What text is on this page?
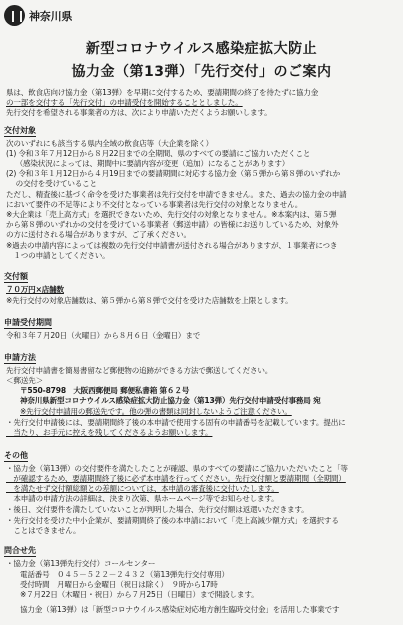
神奈川県
新型コロナウイルス感染症拡大防止
協力金（第13弾）「先行交付」のご案内
県は、飲食店向け協力金（第13弾）を早期に交付するため、要請期間の終了を待たずに協力金
の一部を交付する「先行交付」の申請受付を開始することとしました。
先行交付を希望される事業者の方は、次により申請いただくようお願いします。
交付対象
次のいずれにも該当する県内全域の飲食店等（大企業を除く）
(1) 令和３年７月12日から８月22日までの全期間、県のすべての要請にご協力いただくこと
　 （感染状況によっては、期間中に要請内容が変更（追加）になることがあります）
(2) 令和３年１月12日から４月19日までの要請期間に対応する協力金（第５弾から第８弾のいずれか
　 の交付を受けていること
ただし、精査後に基づく命令を受けた事業者は先行交付を申請できません。また、過去の協力金の申請
において要件の不足等により不交付となっている事業者は先行交付の対象となりません。
※大企業は「売上高方式」を選択できないため、先行交付の対象となりません。※本案内は、第５弾
から第８弾のいずれかの交付を受けている事業者（郵送申請）の皆様にお送りしているため、対象外
の方に送付される場合がありますが、ご了承ください。
※過去の申請内容によっては複数の先行交付申請書が送付される場合がありますが、１事業者につき
　１つの申請としてください。
交付額
７０万円×店舗数
※先行交付の対象店舗数は、第５弾から第８弾で交付を受けた店舗数を上限とします。
申請受付期間
令和３年７月20日（火曜日）から８月６日（金曜日）まで
申請方法
先行交付申請書を簡易書留など郵便物の追跡ができる方法で郵送してください。
＜郵送先＞
〒550-8798　大阪西郵便局 郵便私書箱 第６２号
神奈川県新型コロナウイルス感染症拡大防止協力金（第13弾）先行交付申請受付事務局 宛
※先行交付申請用の郵送先です。他の弾の書類は同封しないようご注意ください。
・先行交付申請後には、要請期間終了後の本申請で使用する固有の申請番号を記載しています。提出に
　当たり、お手元に控えを残してくださるようお願いします。
その他
・協力金（第13弾）の交付要件を満たしたことが確認、県のすべての要請にご協力いただいたこと「等
　が確認するため、要請期間終了後に必ず本申請を行ってください。先行交付額と要請期間（全期間）
　を満たせず交付額総額との差額については、本申請の審査後に交付いたします。
　本申請の申請方法の詳細は、決まり次第、県ホームページ等でお知らせします。
・後日、交付要件を満たしていないことが判明した場合、先行交付額は返還いただきます。
・先行交付を受けた中小企業が、要請期間終了後の本申請において「売上高減少額方式」を選択する
　ことはできません。
問合せ先
・協力金（第13弾先行交付）コールセンター
電話番号　０４５－５２２－２４３２（第13弾先行交付専用）
受付時間　月曜日から金曜日（祝日は除く）　９時から17時
※７月22日（木曜日・祝日）から７月25日（日曜日）まで開設します。
協力金（第13弾）は「新型コロナウイルス感染症対応地方創生臨時交付金」を活用した事業です
